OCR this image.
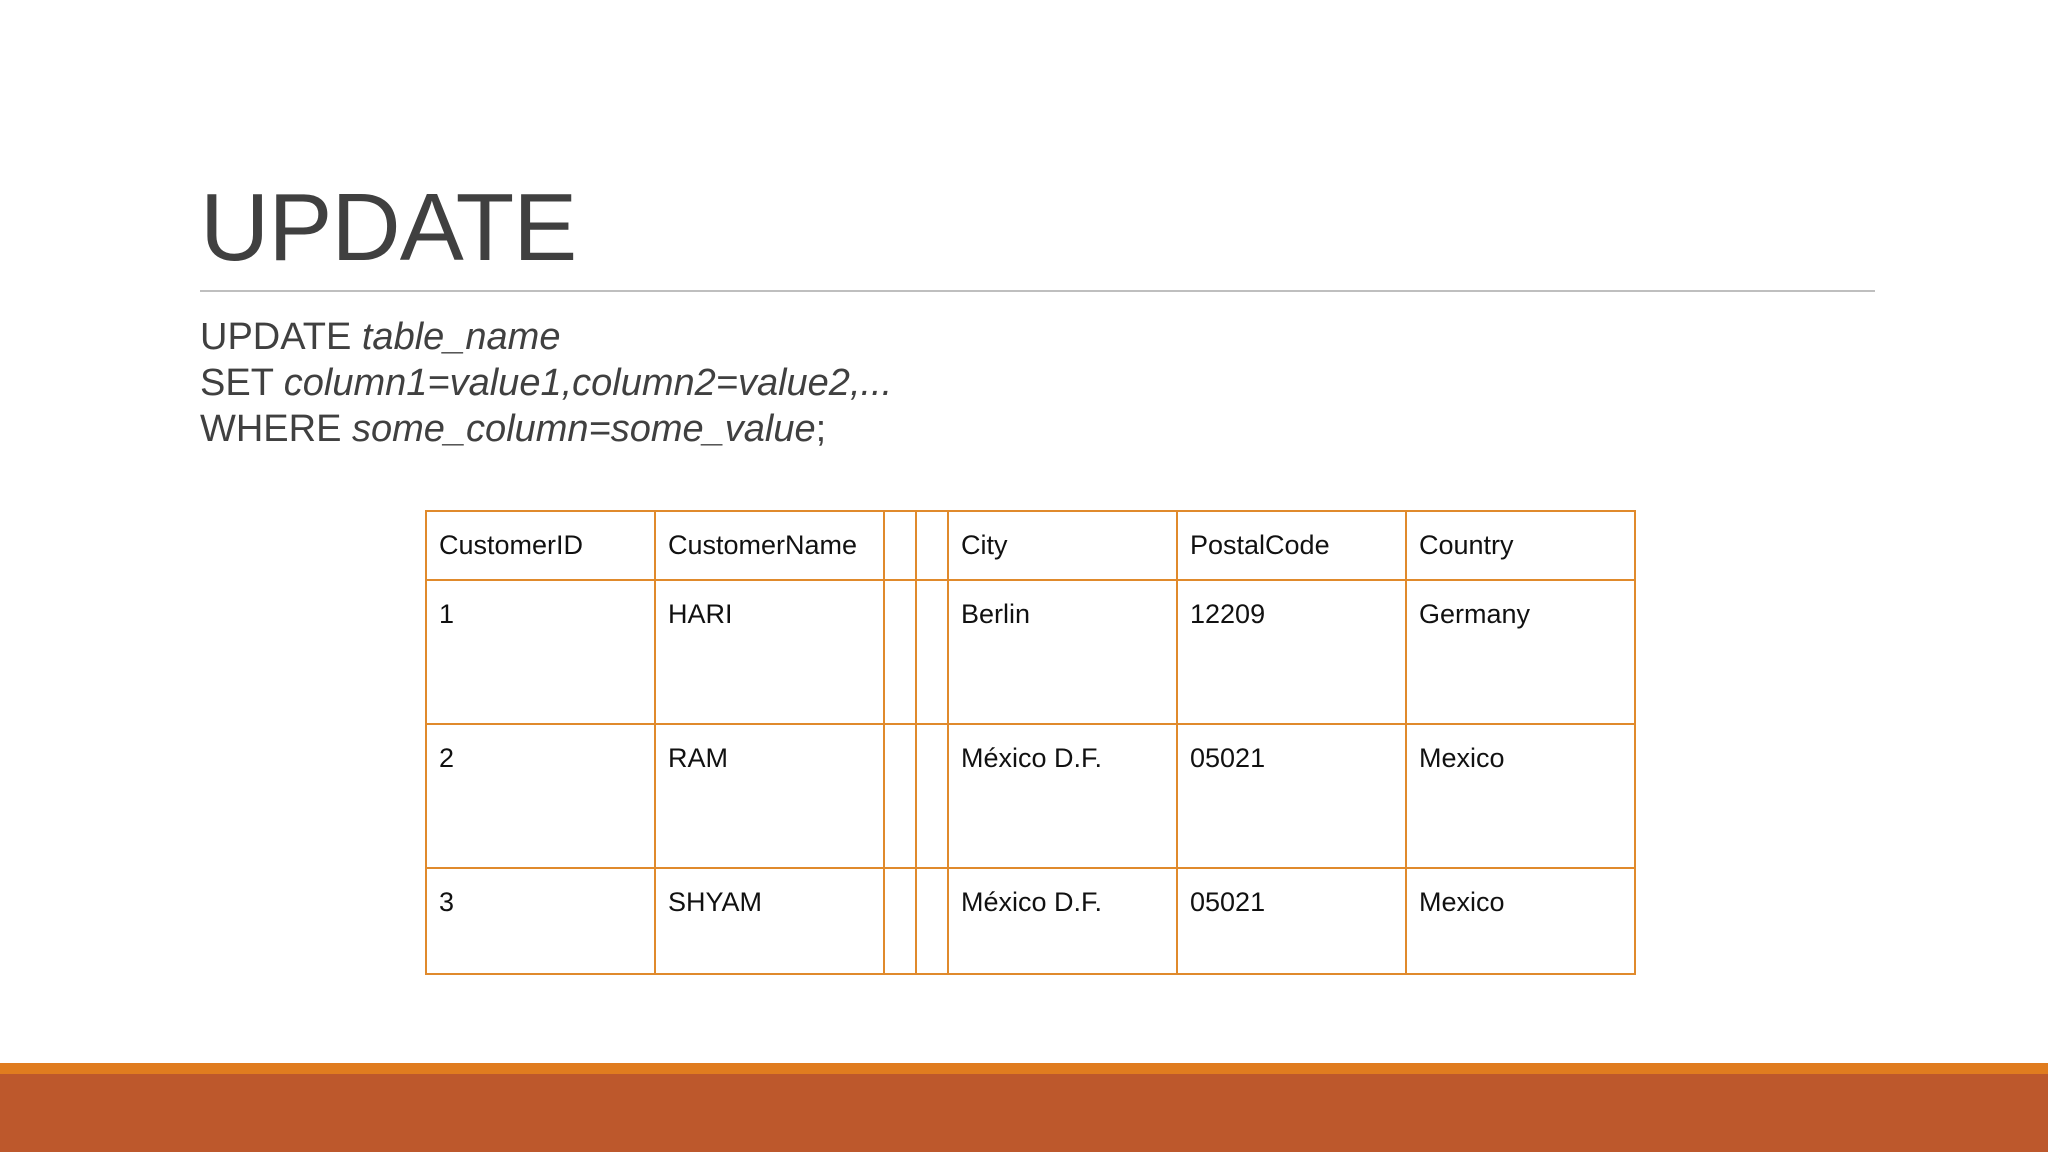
UPDATE
UPDATE table_name
SET column1=value1,column2=value2,...
WHERE some_column=some_value;
CustomerID	CustomerName			City	PostalCode	Country
1	HARI			Berlin	12209	Germany
2	RAM			México D.F.	05021	Mexico
3	SHYAM			México D.F.	05021	Mexico
